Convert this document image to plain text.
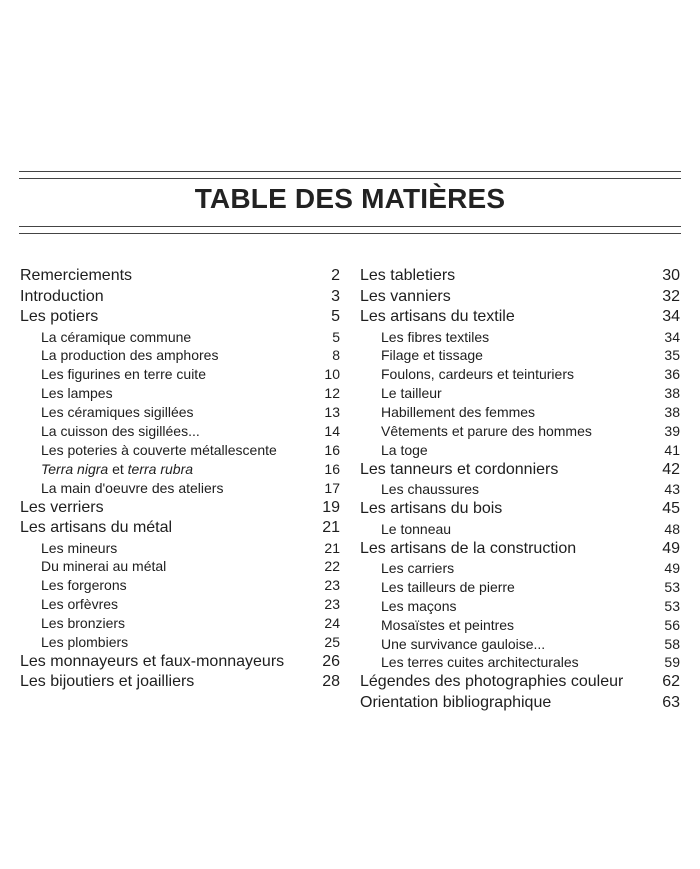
TABLE DES MATIÈRES
Remerciements	2
Introduction	3
Les potiers	5
La céramique commune	5
La production des amphores	8
Les figurines en terre cuite	10
Les lampes	12
Les céramiques sigillées	13
La cuisson des sigillées...	14
Les poteries à couverte métallescente	16
Terra nigra et terra rubra	16
La main d'oeuvre des ateliers	17
Les verriers	19
Les artisans du métal	21
Les mineurs	21
Du minerai au métal	22
Les forgerons	23
Les orfèvres	23
Les bronziers	24
Les plombiers	25
Les monnayeurs et faux-monnayeurs 26
Les bijoutiers et joailliers	28
Les tabletiers	30
Les vanniers	32
Les artisans du textile	34
Les fibres textiles	34
Filage et tissage	35
Foulons, cardeurs et teinturiers	36
Le tailleur	38
Habillement des femmes	38
Vêtements et parure des hommes	39
La toge	41
Les tanneurs et cordonniers	42
Les chaussures	43
Les artisans du bois	45
Le tonneau	48
Les artisans de la construction	49
Les carriers	49
Les tailleurs de pierre	53
Les maçons	53
Mosaïstes et peintres	56
Une survivance gauloise...	58
Les terres cuites architecturales	59
Légendes des photographies couleur 62
Orientation bibliographique	63
